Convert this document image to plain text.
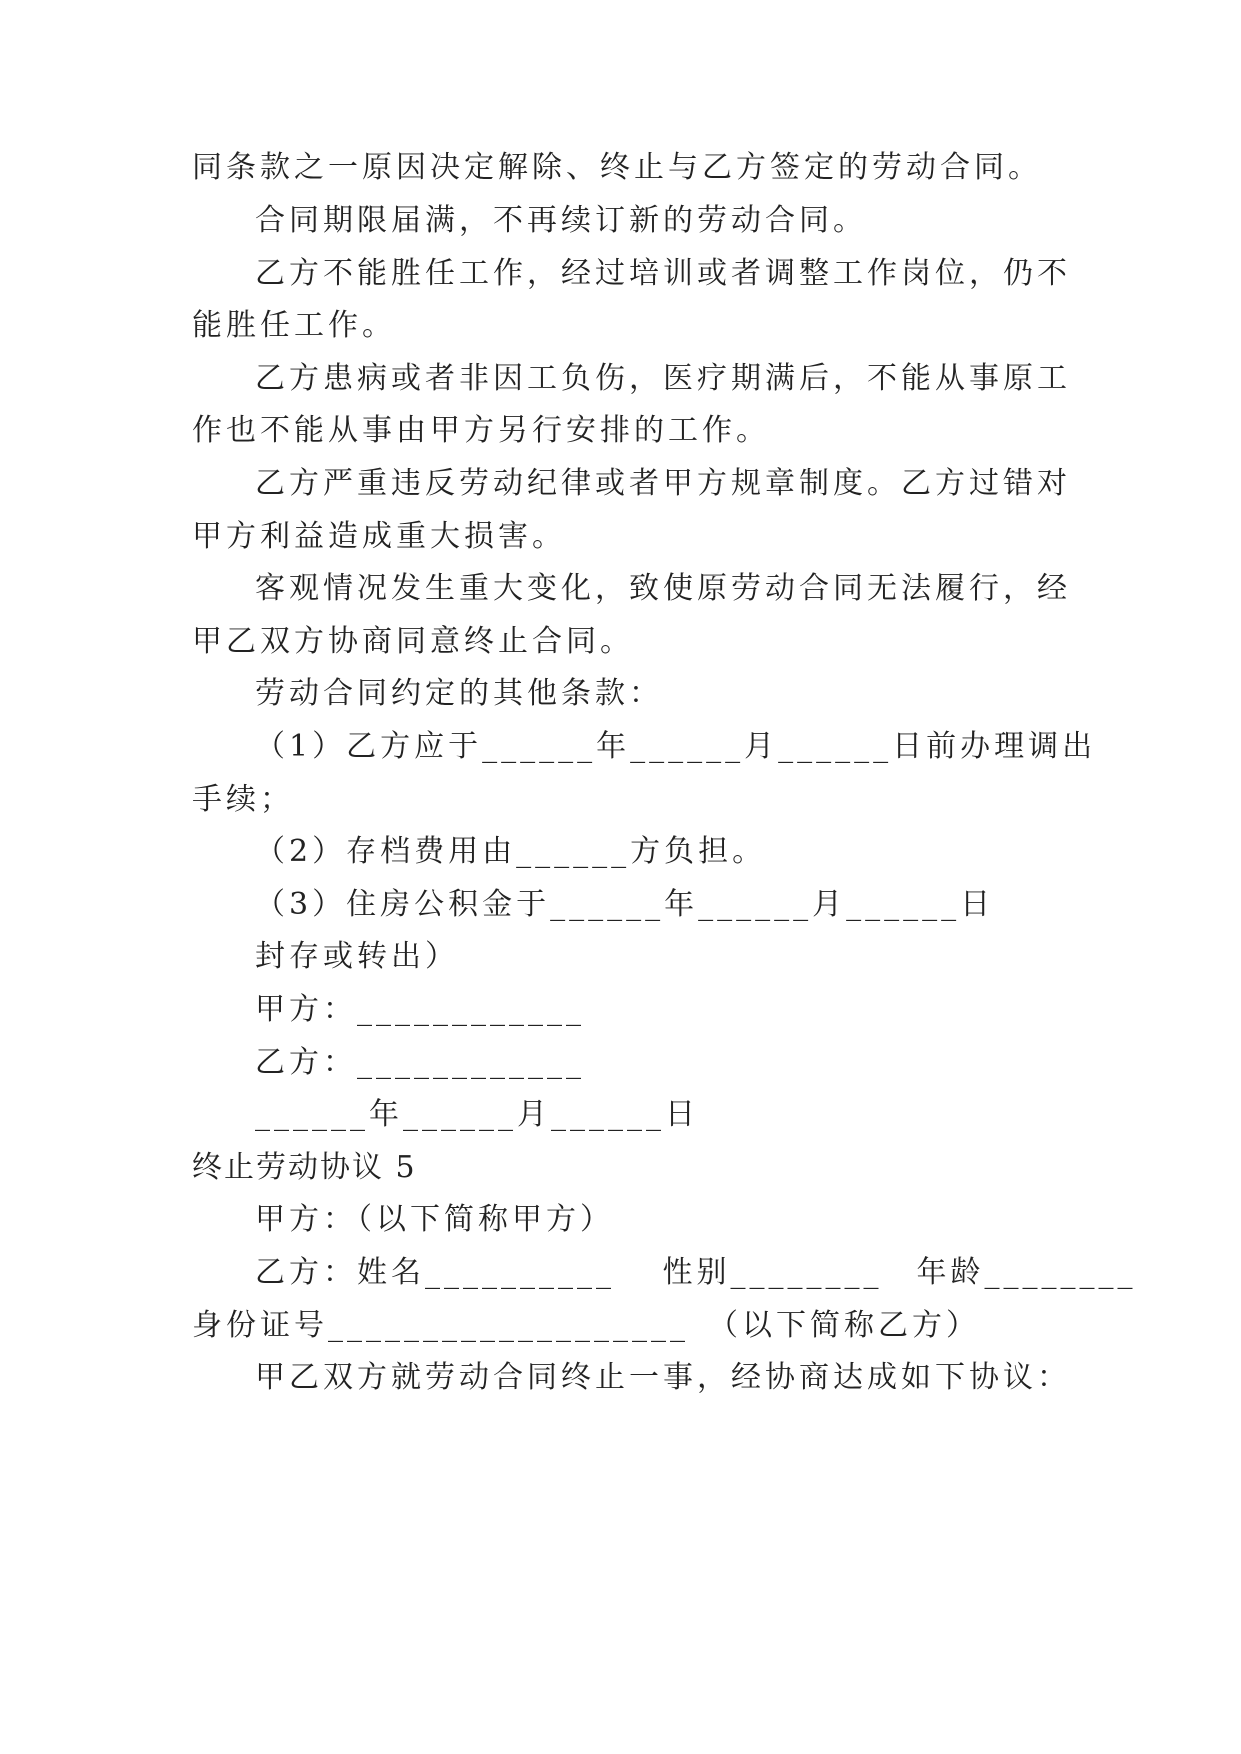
同条款之一原因决定解除、终止与乙方签定的劳动合同。

合同期限届满，不再续订新的劳动合同。

乙方不能胜任工作，经过培训或者调整工作岗位，仍不

能胜任工作。

乙方患病或者非因工负伤，医疗期满后，不能从事原工

作也不能从事由甲方另行安排的工作。

乙方严重违反劳动纪律或者甲方规章制度。乙方过错对

甲方利益造成重大损害。

客观情况发生重大变化，致使原劳动合同无法履行，经

甲乙双方协商同意终止合同。

劳动合同约定的其他条款：

（1）乙方应于______年______月______日前办理调出

手续；

（2）存档费用由______方负担。

（3）住房公积金于______年______月______日

封存或转出）

甲方：____________

乙方：____________

______年______月______日

终止劳动协议 5

甲方：（以下简称甲方）

乙方：姓名__________　 性别________　年龄________

身份证号___________________　（以下简称乙方）

甲乙双方就劳动合同终止一事，经协商达成如下协议：
